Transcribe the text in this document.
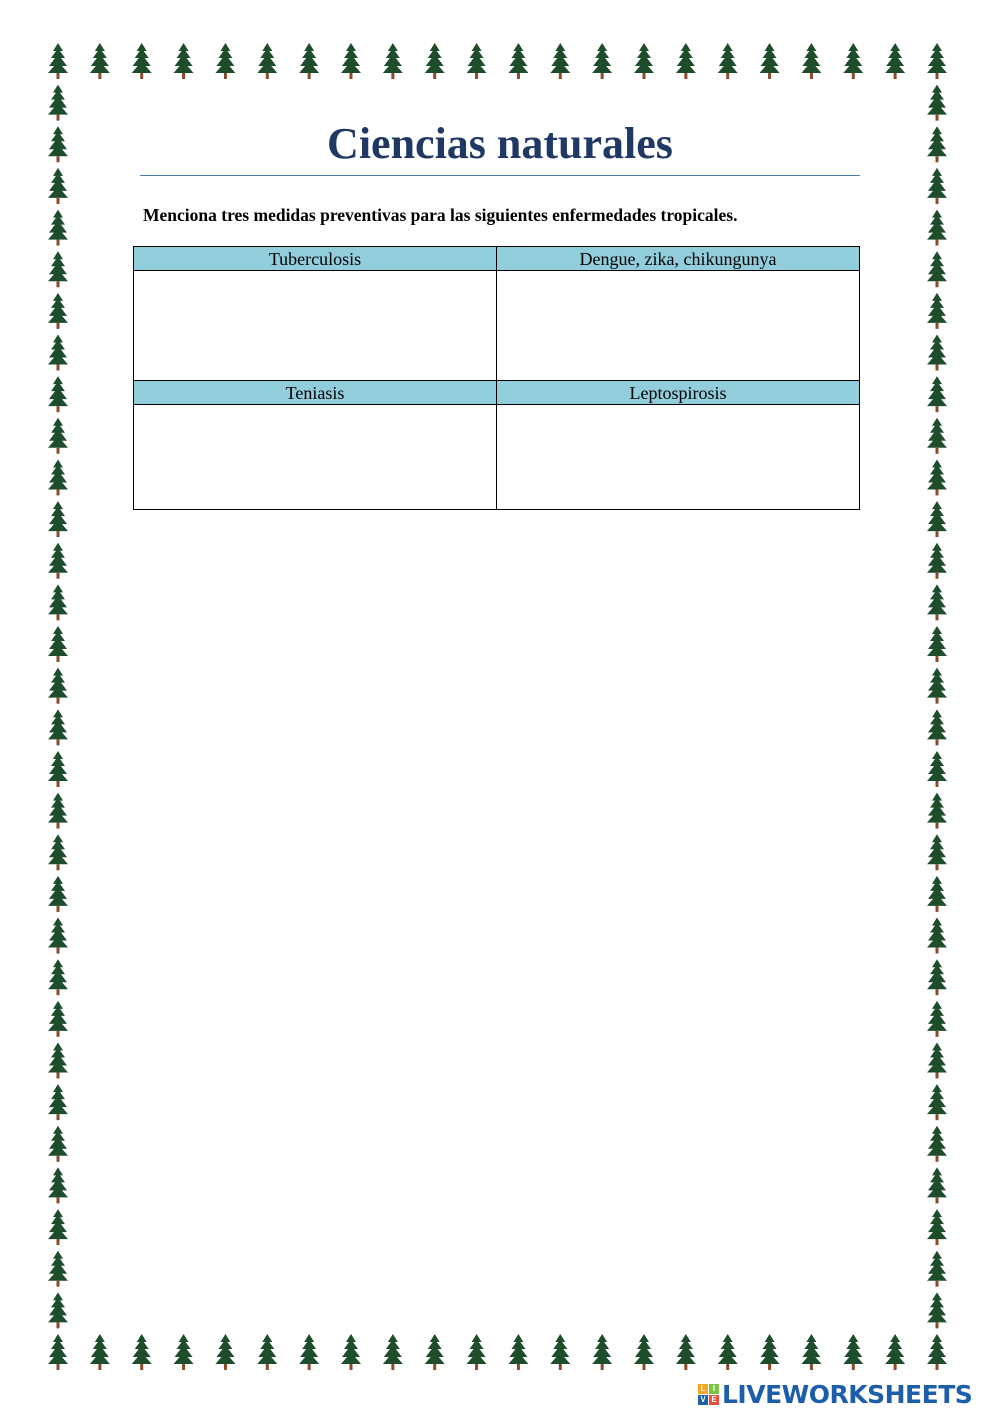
Ciencias naturales
Menciona tres medidas preventivas para las siguientes enfermedades tropicales.
Tuberculosis	Dengue, zika, chikungunya

Teniasis	Leptospirosis

L I
V E LIVEWORKSHEETS
